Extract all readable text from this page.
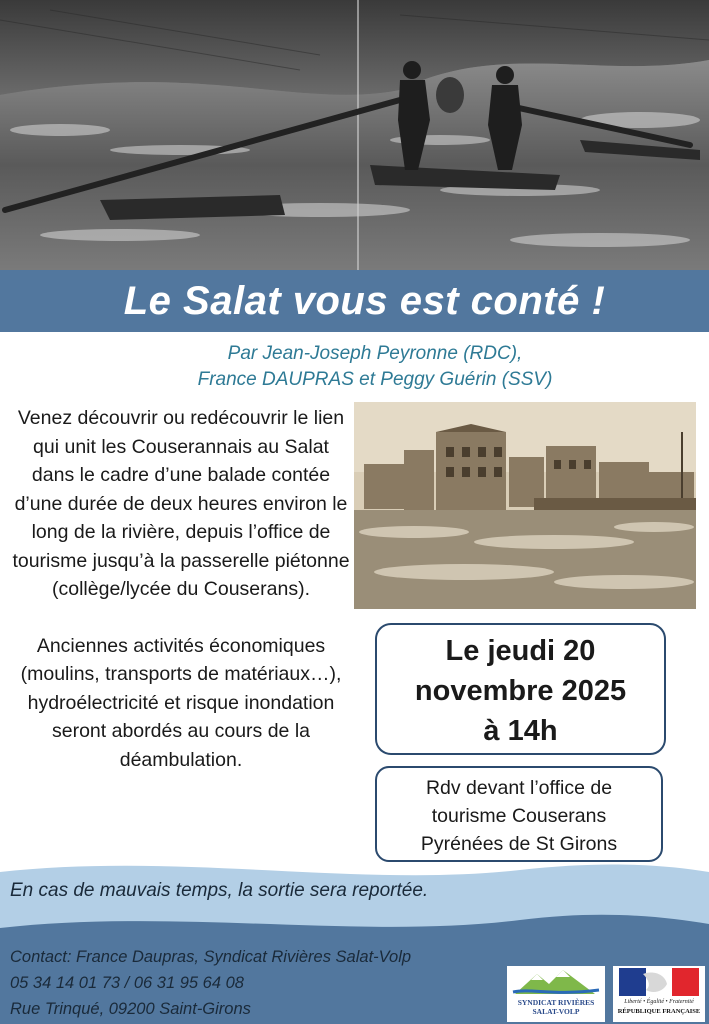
Le Salat vous est conté !
Par Jean-Joseph Peyronne (RDC),
France DAUPRAS et Peggy Guérin (SSV)

Venez découvrir ou redécouvrir le lien qui unit les Couserannais au Salat dans le cadre d’une balade contée d’une durée de deux heures environ le long de la rivière, depuis l’office de tourisme jusqu’à la passerelle piétonne (collège/lycée du Couserans).

Anciennes activités économiques (moulins, transports de matériaux…), hydroélectricité et risque inondation seront abordés au cours de la déambulation.

Le jeudi 20
novembre 2025
à 14h
Rdv devant l’office de
tourisme Couserans
Pyrénées de St Girons
En cas de mauvais temps, la sortie sera reportée.
Contact: France Daupras, Syndicat Rivières Salat-Volp
05 34 14 01 73 / 06 31 95 64 08
Rue Trinqué, 09200 Saint-Girons	SYNDICAT RIVIÈRES
SALAT-VOLP
Liberté • Égalité • Fraternité
RÉPUBLIQUE FRANÇAISE
